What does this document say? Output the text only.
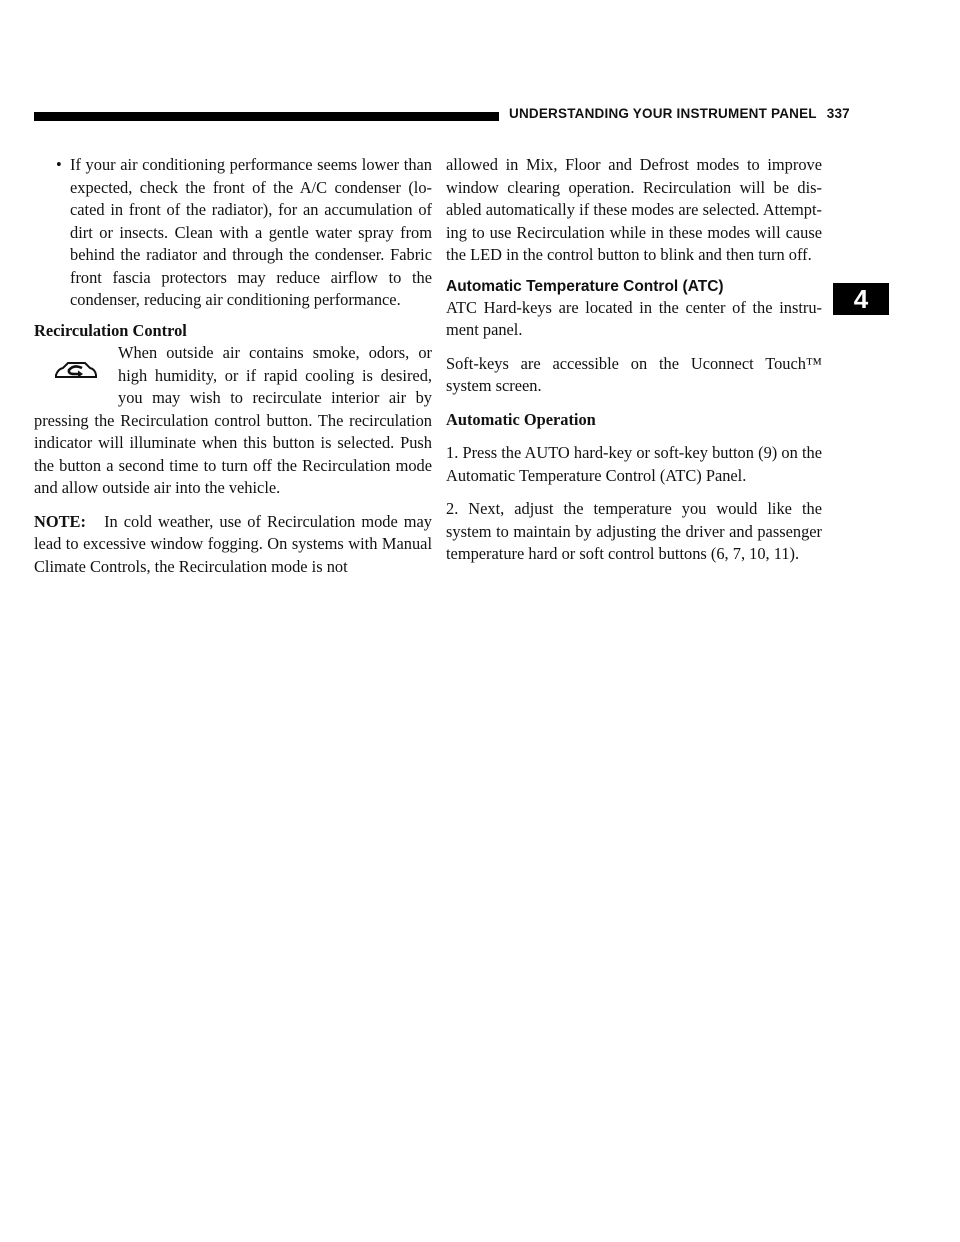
UNDERSTANDING YOUR INSTRUMENT PANEL 337
4

• If your air conditioning performance seems lower than expected, check the front of the A/C condenser (lo-cated in front of the radiator), for an accumulation of dirt or insects. Clean with a gentle water spray from behind the radiator and through the condenser. Fabric front fascia protectors may reduce airflow to the condenser, reducing air conditioning performance.

Recirculation Control

When outside air contains smoke, odors, or high humidity, or if rapid cooling is desired, you may wish to recirculate interior air by pressing the Recirculation control button. The recirculation indicator will illuminate when this button is selected. Push the button a second time to turn off the Recirculation mode and allow outside air into the vehicle.

NOTE: In cold weather, use of Recirculation mode may lead to excessive window fogging. On systems with Manual Climate Controls, the Recirculation mode is not

allowed in Mix, Floor and Defrost modes to improve window clearing operation. Recirculation will be dis-abled automatically if these modes are selected. Attempt-ing to use Recirculation while in these modes will cause the LED in the control button to blink and then turn off.

Automatic Temperature Control (ATC)

ATC Hard-keys are located in the center of the instru-ment panel.

Soft-keys are accessible on the Uconnect Touch™ system screen.

Automatic Operation

1. Press the AUTO hard-key or soft-key button (9) on the Automatic Temperature Control (ATC) Panel.

2. Next, adjust the temperature you would like the system to maintain by adjusting the driver and passenger temperature hard or soft control buttons (6, 7, 10, 11).
